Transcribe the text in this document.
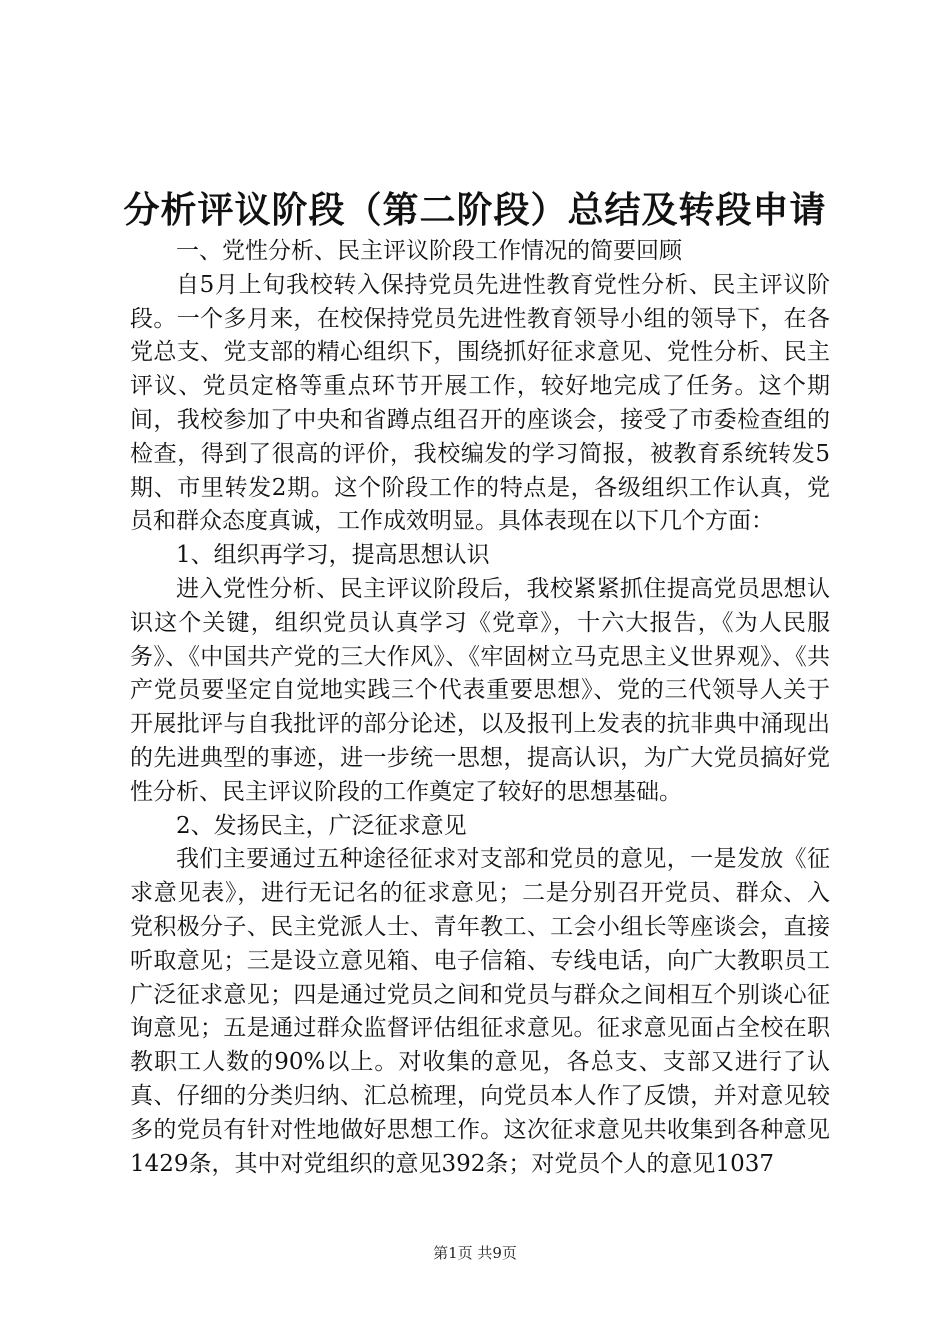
分析评议阶段（第二阶段）总结及转段申请

一、党性分析、民主评议阶段工作情况的简要回顾

自5月上旬我校转入保持党员先进性教育党性分析、民主评议阶段。一个多月来，在校保持党员先进性教育领导小组的领导下，在各党总支、党支部的精心组织下，围绕抓好征求意见、党性分析、民主评议、党员定格等重点环节开展工作，较好地完成了任务。这个期间，我校参加了中央和省蹲点组召开的座谈会，接受了市委检查组的检查，得到了很高的评价，我校编发的学习简报，被教育系统转发5期、市里转发2期。这个阶段工作的特点是，各级组织工作认真，党员和群众态度真诚，工作成效明显。具体表现在以下几个方面：

1、组织再学习，提高思想认识

进入党性分析、民主评议阶段后，我校紧紧抓住提高党员思想认识这个关键，组织党员认真学习《党章》，十六大报告，《为人民服务》、《中国共产党的三大作风》、《牢固树立马克思主义世界观》、《共产党员要坚定自觉地实践三个代表重要思想》、党的三代领导人关于开展批评与自我批评的部分论述，以及报刊上发表的抗非典中涌现出的先进典型的事迹，进一步统一思想，提高认识，为广大党员搞好党性分析、民主评议阶段的工作奠定了较好的思想基础。

2、发扬民主，广泛征求意见

我们主要通过五种途径征求对支部和党员的意见，一是发放《征求意见表》，进行无记名的征求意见；二是分别召开党员、群众、入党积极分子、民主党派人士、青年教工、工会小组长等座谈会，直接听取意见；三是设立意见箱、电子信箱、专线电话，向广大教职员工广泛征求意见；四是通过党员之间和党员与群众之间相互个别谈心征询意见；五是通过群众监督评估组征求意见。征求意见面占全校在职教职工人数的90%以上。对收集的意见，各总支、支部又进行了认真、仔细的分类归纳、汇总梳理，向党员本人作了反馈，并对意见较多的党员有针对性地做好思想工作。这次征求意见共收集到各种意见1429条，其中对党组织的意见392条；对党员个人的意见1037

第1页 共9页
